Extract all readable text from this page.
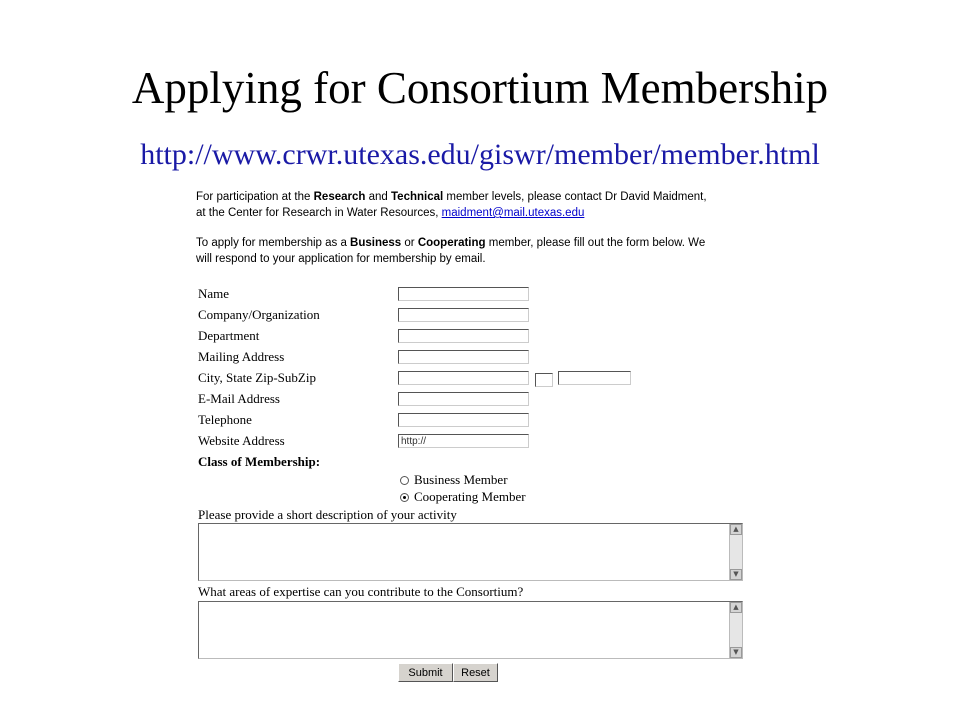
Applying for Consortium Membership
http://www.crwr.utexas.edu/giswr/member/member.html
For participation at the Research and Technical member levels, please contact Dr David Maidment,
at the Center for Research in Water Resources, maidment@mail.utexas.edu
To apply for membership as a Business or Cooperating member, please fill out the form below. We
will respond to your application for membership by email.
Name
Company/Organization
Department
Mailing Address
City, State Zip-SubZip
E-Mail Address
Telephone
Website Address
http://
Class of Membership:
Business Member
Cooperating Member
Please provide a short description of your activity
▲
▼
What areas of expertise can you contribute to the Consortium?
▲
▼
Submit	Reset
